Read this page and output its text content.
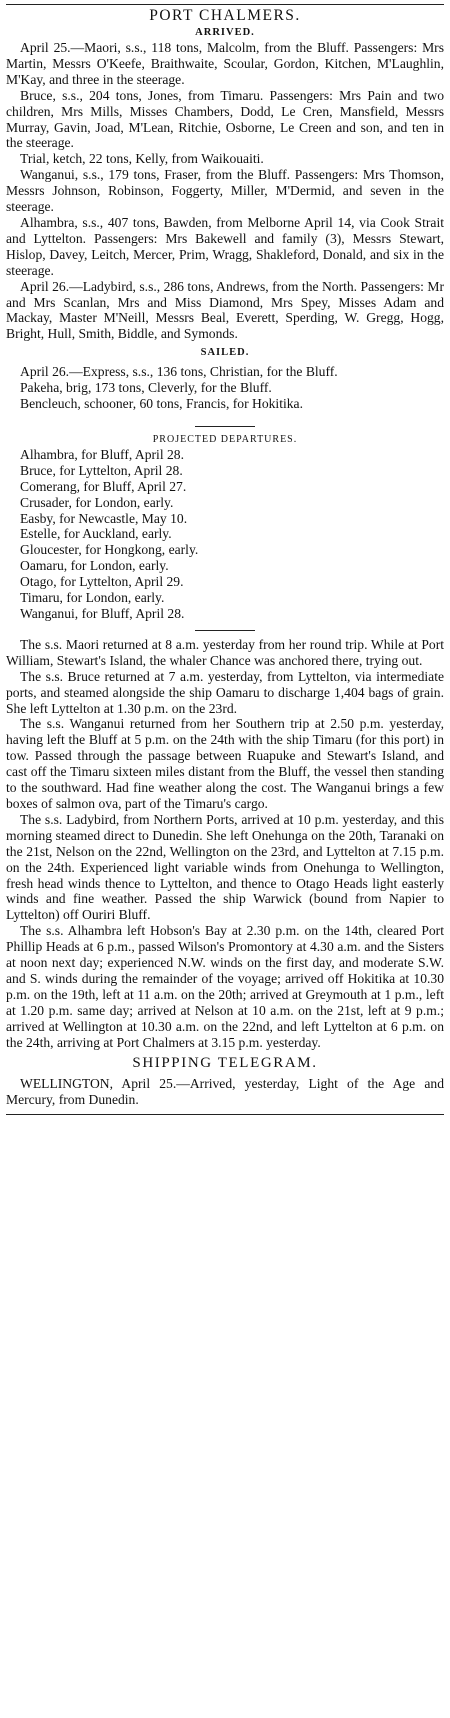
PORT CHALMERS.
ARRIVED.

April 25.—Maori, s.s., 118 tons, Malcolm, from the Bluff. Passengers: Mrs Martin, Messrs O'Keefe, Braithwaite, Scoular, Gordon, Kitchen, M'Laughlin, M'Kay, and three in the steerage.

Bruce, s.s., 204 tons, Jones, from Timaru. Passengers: Mrs Pain and two children, Mrs Mills, Misses Chambers, Dodd, Le Cren, Mansfield, Messrs Murray, Gavin, Joad, M'Lean, Ritchie, Osborne, Le Creen and son, and ten in the steerage.

Trial, ketch, 22 tons, Kelly, from Waikouaiti.

Wanganui, s.s., 179 tons, Fraser, from the Bluff. Passengers: Mrs Thomson, Messrs Johnson, Robinson, Foggerty, Miller, M'Dermid, and seven in the steerage.

Alhambra, s.s., 407 tons, Bawden, from Melborne April 14, via Cook Strait and Lyttelton. Passengers: Mrs Bakewell and family (3), Messrs Stewart, Hislop, Davey, Leitch, Mercer, Prim, Wragg, Shakleford, Donald, and six in the steerage.

April 26.—Ladybird, s.s., 286 tons, Andrews, from the North. Passengers: Mr and Mrs Scanlan, Mrs and Miss Diamond, Mrs Spey, Misses Adam and Mackay, Master M'Neill, Messrs Beal, Everett, Sperding, W. Gregg, Hogg, Bright, Hull, Smith, Biddle, and Symonds.

SAILED.

April 26.—Express, s.s., 136 tons, Christian, for the Bluff.

Pakeha, brig, 173 tons, Cleverly, for the Bluff.

Bencleuch, schooner, 60 tons, Francis, for Hokitika.

PROJECTED DEPARTURES.
Alhambra, for Bluff, April 28.
Bruce, for Lyttelton, April 28.
Comerang, for Bluff, April 27.
Crusader, for London, early.
Easby, for Newcastle, May 10.
Estelle, for Auckland, early.
Gloucester, for Hongkong, early.
Oamaru, for London, early.
Otago, for Lyttelton, April 29.
Timaru, for London, early.
Wanganui, for Bluff, April 28.

The s.s. Maori returned at 8 a.m. yesterday from her round trip. While at Port William, Stewart's Island, the whaler Chance was anchored there, trying out.

The s.s. Bruce returned at 7 a.m. yesterday, from Lyttelton, via intermediate ports, and steamed alongside the ship Oamaru to discharge 1,404 bags of grain. She left Lyttelton at 1.30 p.m. on the 23rd.

The s.s. Wanganui returned from her Southern trip at 2.50 p.m. yesterday, having left the Bluff at 5 p.m. on the 24th with the ship Timaru (for this port) in tow. Passed through the passage between Ruapuke and Stewart's Island, and cast off the Timaru sixteen miles distant from the Bluff, the vessel then standing to the southward. Had fine weather along the cost. The Wanganui brings a few boxes of salmon ova, part of the Timaru's cargo.

The s.s. Ladybird, from Northern Ports, arrived at 10 p.m. yesterday, and this morning steamed direct to Dunedin. She left Onehunga on the 20th, Taranaki on the 21st, Nelson on the 22nd, Wellington on the 23rd, and Lyttelton at 7.15 p.m. on the 24th. Experienced light variable winds from Onehunga to Wellington, fresh head winds thence to Lyttelton, and thence to Otago Heads light easterly winds and fine weather. Passed the ship Warwick (bound from Napier to Lyttelton) off Ouriri Bluff.

The s.s. Alhambra left Hobson's Bay at 2.30 p.m. on the 14th, cleared Port Phillip Heads at 6 p.m., passed Wilson's Promontory at 4.30 a.m. and the Sisters at noon next day; experienced N.W. winds on the first day, and moderate S.W. and S. winds during the remainder of the voyage; arrived off Hokitika at 10.30 p.m. on the 19th, left at 11 a.m. on the 20th; arrived at Greymouth at 1 p.m., left at 1.20 p.m. same day; arrived at Nelson at 10 a.m. on the 21st, left at 9 p.m.; arrived at Wellington at 10.30 a.m. on the 22nd, and left Lyttelton at 6 p.m. on the 24th, arriving at Port Chalmers at 3.15 p.m. yesterday.

SHIPPING TELEGRAM.

WELLINGTON, April 25.—Arrived, yesterday, Light of the Age and Mercury, from Dunedin.
